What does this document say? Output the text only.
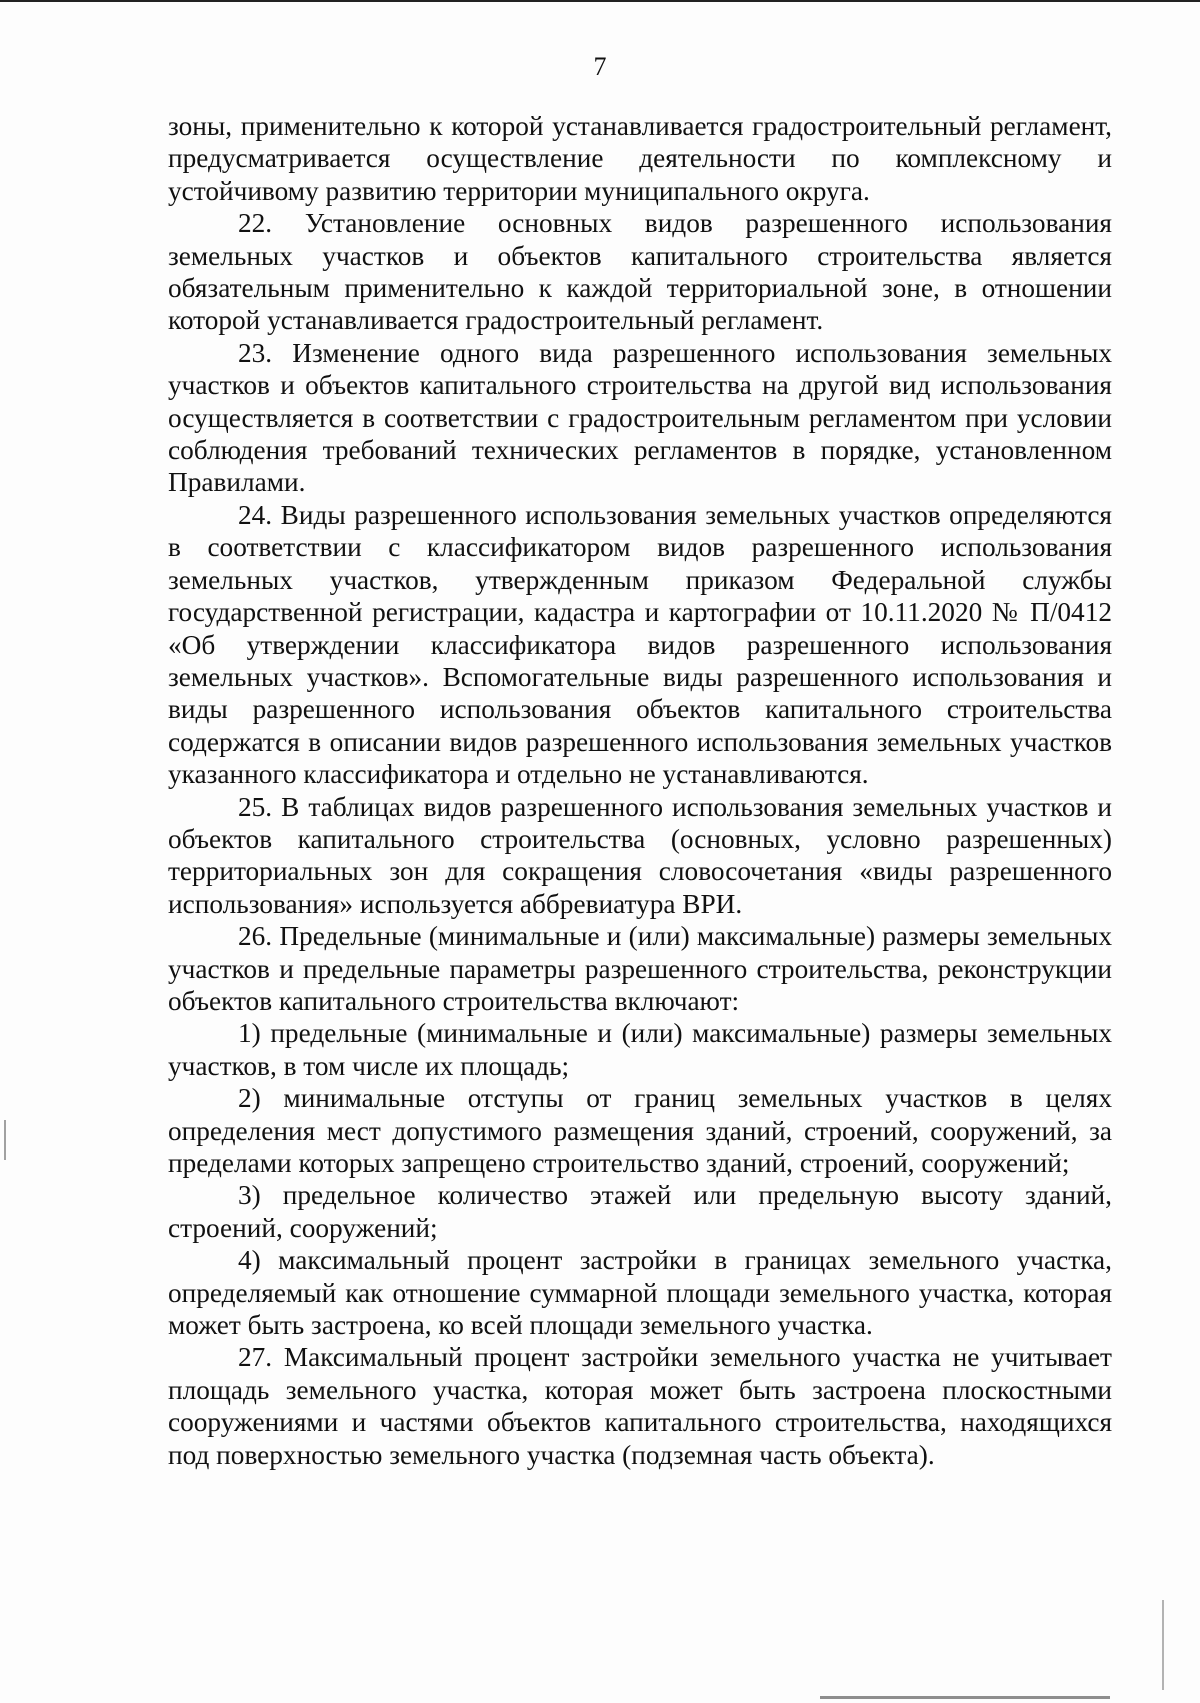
7

зоны, применительно к которой устанавливается градостроительный регламент, предусматривается осуществление деятельности по комплексному и устойчивому развитию территории муниципального округа.

22. Установление основных видов разрешенного использования земельных участков и объектов капитального строительства является обязательным применительно к каждой территориальной зоне, в отношении которой устанавливается градостроительный регламент.

23. Изменение одного вида разрешенного использования земельных участков и объектов капитального строительства на другой вид использования осуществляется в соответствии с градостроительным регламентом при условии соблюдения требований технических регламентов в порядке, установленном Правилами.

24. Виды разрешенного использования земельных участков определяются в соответствии с классификатором видов разрешенного использования земельных участков, утвержденным приказом Федеральной службы государственной регистрации, кадастра и картографии от 10.11.2020 № П/0412 «Об утверждении классификатора видов разрешенного использования земельных участков». Вспомогательные виды разрешенного использования и виды разрешенного использования объектов капитального строительства содержатся в описании видов разрешенного использования земельных участков указанного классификатора и отдельно не устанавливаются.

25. В таблицах видов разрешенного использования земельных участков и объектов капитального строительства (основных, условно разрешенных) территориальных зон для сокращения словосочетания «виды разрешенного использования» используется аббревиатура ВРИ.

26. Предельные (минимальные и (или) максимальные) размеры земельных участков и предельные параметры разрешенного строительства, реконструкции объектов капитального строительства включают:

1) предельные (минимальные и (или) максимальные) размеры земельных участков, в том числе их площадь;

2) минимальные отступы от границ земельных участков в целях определения мест допустимого размещения зданий, строений, сооружений, за пределами которых запрещено строительство зданий, строений, сооружений;

3) предельное количество этажей или предельную высоту зданий, строений, сооружений;

4) максимальный процент застройки в границах земельного участка, определяемый как отношение суммарной площади земельного участка, которая может быть застроена, ко всей площади земельного участка.

27. Максимальный процент застройки земельного участка не учитывает площадь земельного участка, которая может быть застроена плоскостными сооружениями и частями объектов капитального строительства, находящихся под поверхностью земельного участка (подземная часть объекта).
